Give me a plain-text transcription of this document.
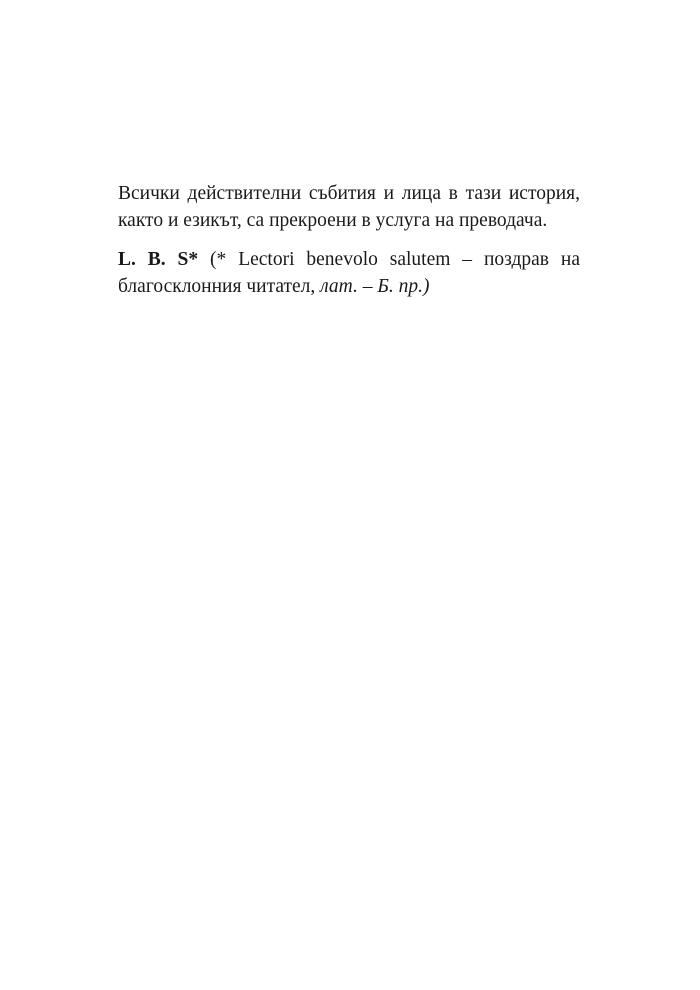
Всички действителни събития и лица в тази история, както и езикът, са прекроени в услуга на преводача.

L. B. S* (* Lectori benevolo salutem – поздрав на благосклонния читател, лат. – Б. пр.)
